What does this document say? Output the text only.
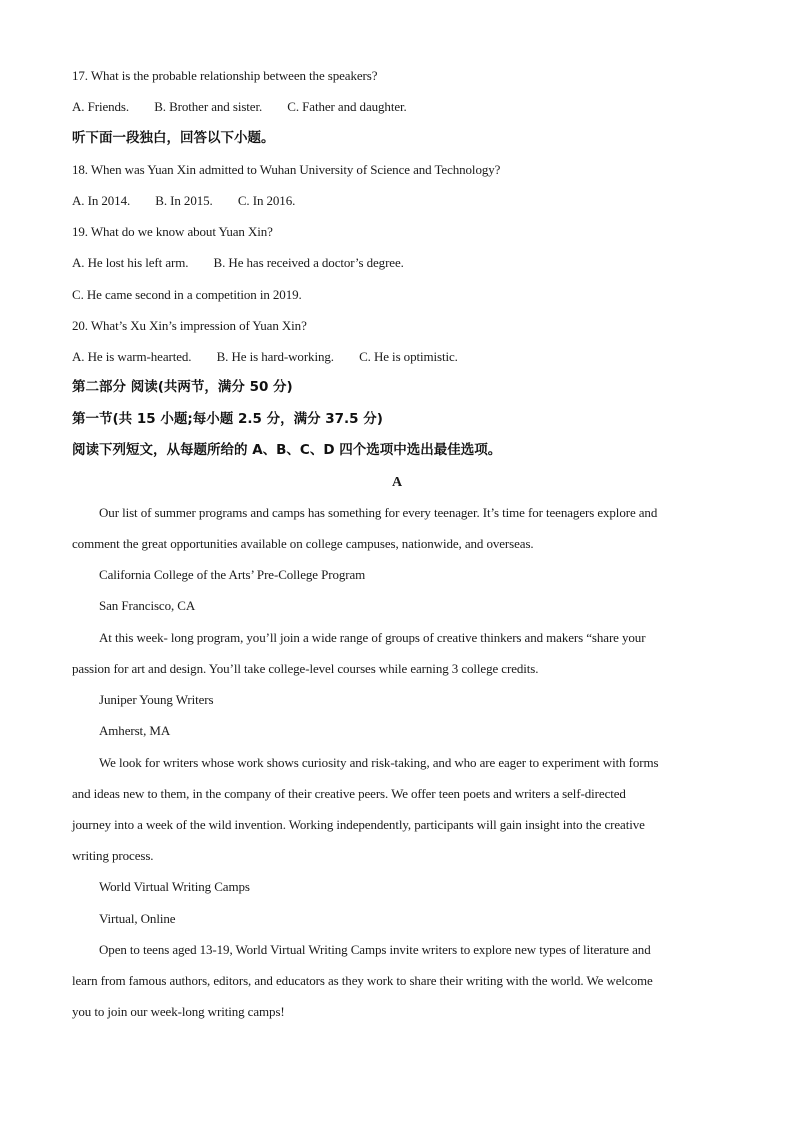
17. What is the probable relationship between the speakers?
A. Friends. B. Brother and sister. C. Father and daughter.
听下面一段独白，回答以下小题。
18. When was Yuan Xin admitted to Wuhan University of Science and Technology?
A. In 2014. B. In 2015. C. In 2016.
19. What do we know about Yuan Xin?
A. He lost his left arm. B. He has received a doctor’s degree.
C. He came second in a competition in 2019.
20. What’s Xu Xin’s impression of Yuan Xin?
A. He is warm-hearted. B. He is hard-working. C. He is optimistic.
第二部分 阅读(共两节，满分 50 分)
第一节(共 15 小题;每小题 2.5 分，满分 37.5 分)
阅读下列短文，从每题所给的 A、B、C、D 四个选项中选出最佳选项。
A
Our list of summer programs and camps has something for every teenager. It’s time for teenagers explore and
comment the great opportunities available on college campuses, nationwide, and overseas.
California College of the Arts’ Pre-College Program
San Francisco, CA
At this week- long program, you’ll join a wide range of groups of creative thinkers and makers “share your
passion for art and design. You’ll take college-level courses while earning 3 college credits.
Juniper Young Writers
Amherst, MA
We look for writers whose work shows curiosity and risk-taking, and who are eager to experiment with forms
and ideas new to them, in the company of their creative peers. We offer teen poets and writers a self-directed
journey into a week of the wild invention. Working independently, participants will gain insight into the creative
writing process.
World Virtual Writing Camps
Virtual, Online
Open to teens aged 13-19, World Virtual Writing Camps invite writers to explore new types of literature and
learn from famous authors, editors, and educators as they work to share their writing with the world. We welcome
you to join our week-long writing camps!
